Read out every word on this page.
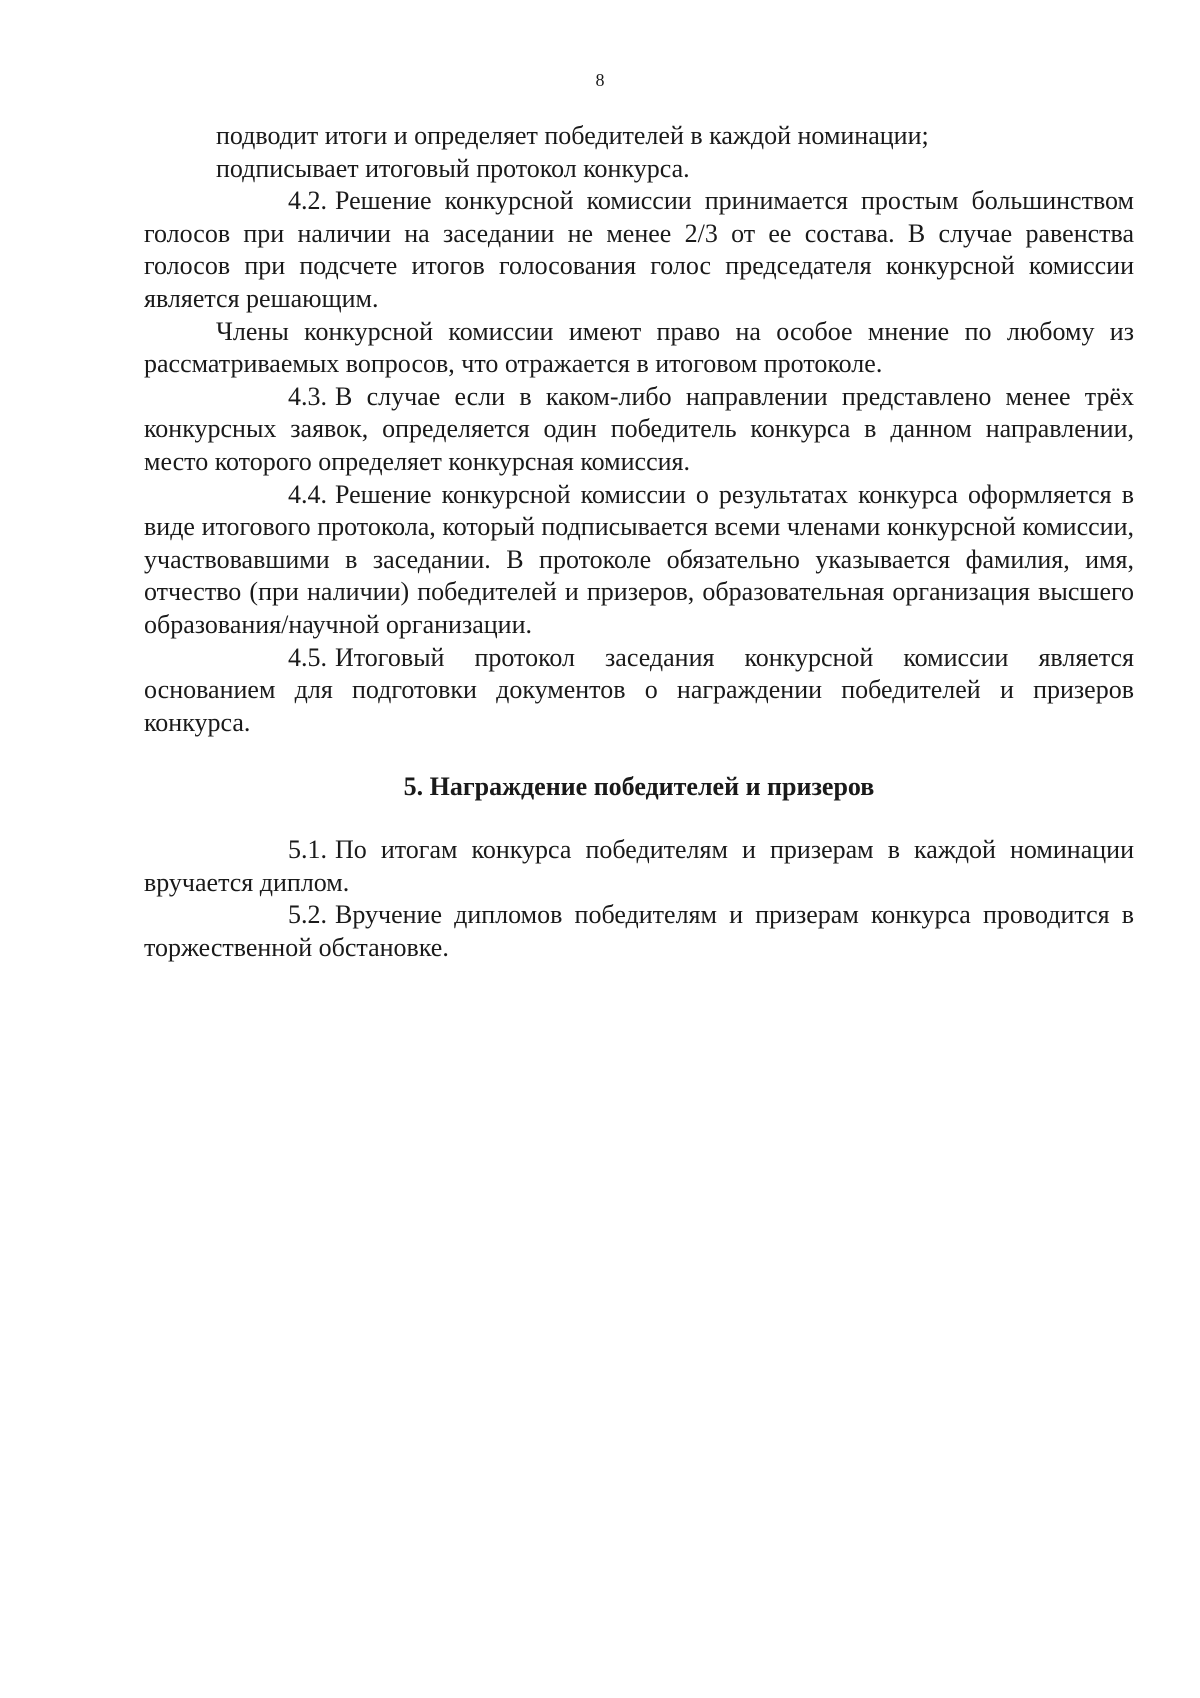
8

подводит итоги и определяет победителей в каждой номинации;

подписывает итоговый протокол конкурса.

4.2. Решение конкурсной комиссии принимается простым большинством голосов при наличии на заседании не менее 2/3 от ее состава. В случае равенства голосов при подсчете итогов голосования голос председателя конкурсной комиссии является решающим.

Члены конкурсной комиссии имеют право на особое мнение по любому из рассматриваемых вопросов, что отражается в итоговом протоколе.

4.3. В случае если в каком-либо направлении представлено менее трёх конкурсных заявок, определяется один победитель конкурса в данном направлении, место которого определяет конкурсная комиссия.

4.4. Решение конкурсной комиссии о результатах конкурса оформляется в виде итогового протокола, который подписывается всеми членами конкурсной комиссии, участвовавшими в заседании. В протоколе обязательно указывается фамилия, имя, отчество (при наличии) победителей и призеров, образовательная организация высшего образования/научной организации.

4.5. Итоговый протокол заседания конкурсной комиссии является основанием для подготовки документов о награждении победителей и призеров конкурса.

5. Награждение победителей и призеров

5.1. По итогам конкурса победителям и призерам в каждой номинации вручается диплом.

5.2. Вручение дипломов победителям и призерам конкурса проводится в торжественной обстановке.
